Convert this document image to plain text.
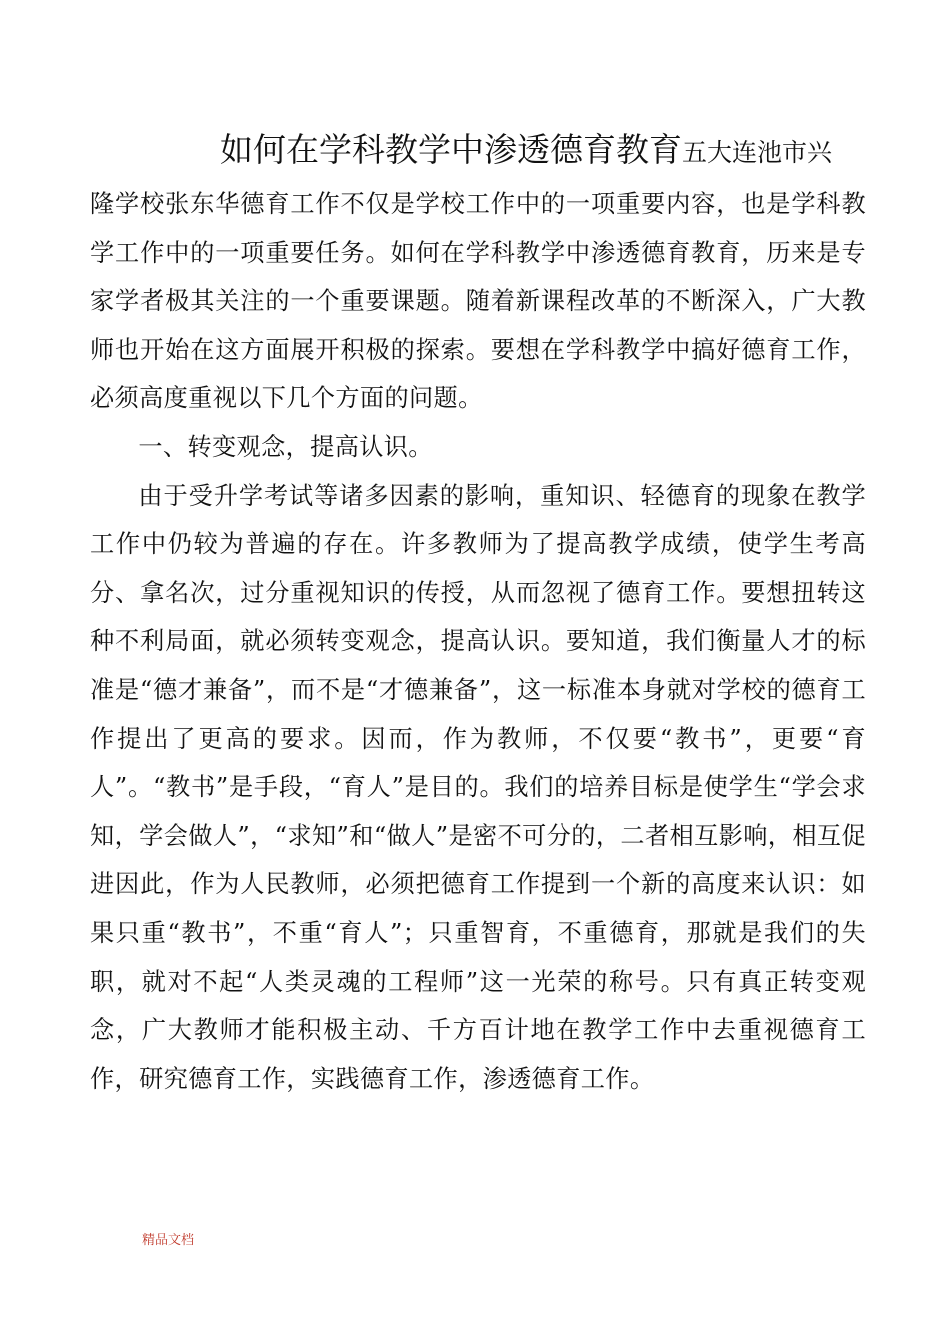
如何在学科教学中渗透德育教育五大连池市兴

隆学校张东华德育工作不仅是学校工作中的一项重要内容，也是学科教学工作中的一项重要任务。如何在学科教学中渗透德育教育，历来是专家学者极其关注的一个重要课题。随着新课程改革的不断深入，广大教师也开始在这方面展开积极的探索。要想在学科教学中搞好德育工作，必须高度重视以下几个方面的问题。

一、转变观念，提高认识。

由于受升学考试等诸多因素的影响，重知识、轻德育的现象在教学工作中仍较为普遍的存在。许多教师为了提高教学成绩，使学生考高分、拿名次，过分重视知识的传授，从而忽视了德育工作。要想扭转这种不利局面，就必须转变观念，提高认识。要知道，我们衡量人才的标准是“德才兼备”，而不是“才德兼备”，这一标准本身就对学校的德育工作提出了更高的要求。因而，作为教师，不仅要“教书”，更要“育人”。“教书”是手段，“育人”是目的。我们的培养目标是使学生“学会求知，学会做人”，“求知”和“做人”是密不可分的，二者相互影响，相互促进因此，作为人民教师，必须把德育工作提到一个新的高度来认识：如果只重“教书”，不重“育人”；只重智育，不重德育，那就是我们的失职，就对不起“人类灵魂的工程师”这一光荣的称号。只有真正转变观念，广大教师才能积极主动、千方百计地在教学工作中去重视德育工作，研究德育工作，实践德育工作，渗透德育工作。

精品文档
